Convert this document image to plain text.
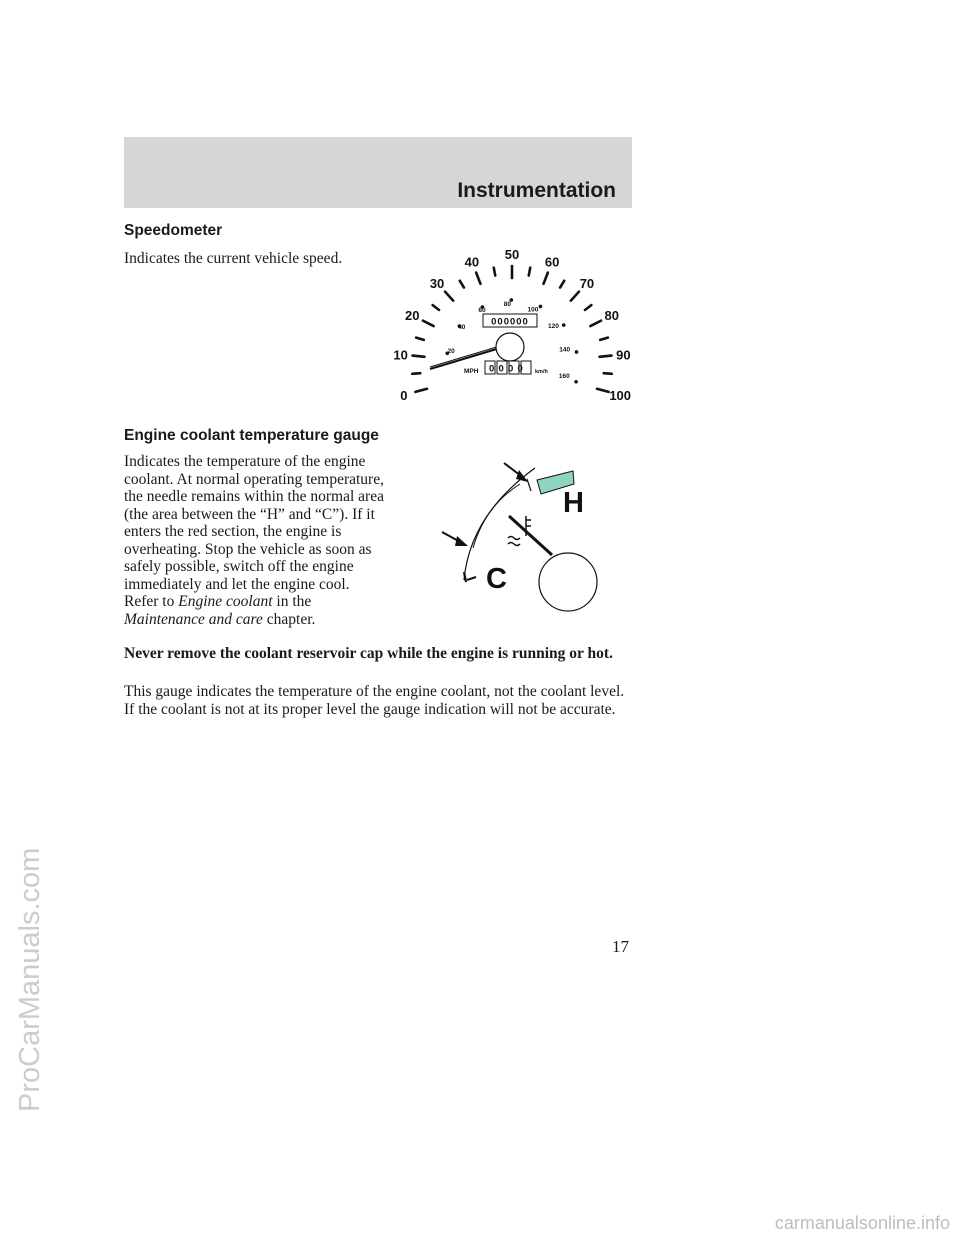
ProCarManuals.com
Instrumentation
Speedometer

Indicates the current vehicle speed.

0
10
20
30
40 50 60
70
80
90
100
20
40
60
80
100
120
140
160
000000
MPH 0000 km/h
Engine coolant temperature gauge

Indicates the temperature of the engine coolant. At normal operating temperature, the needle remains within the normal area (the area between the “H” and “C”). If it enters the red section, the engine is overheating. Stop the vehicle as soon as safely possible, switch off the engine immediately and let the engine cool. Refer to Engine coolant in the Maintenance and care chapter.

H
C

Never remove the coolant reservoir cap while the engine is running or hot.

This gauge indicates the temperature of the engine coolant, not the coolant level. If the coolant is not at its proper level the gauge indication will not be accurate.

17
carmanualsonline.info
